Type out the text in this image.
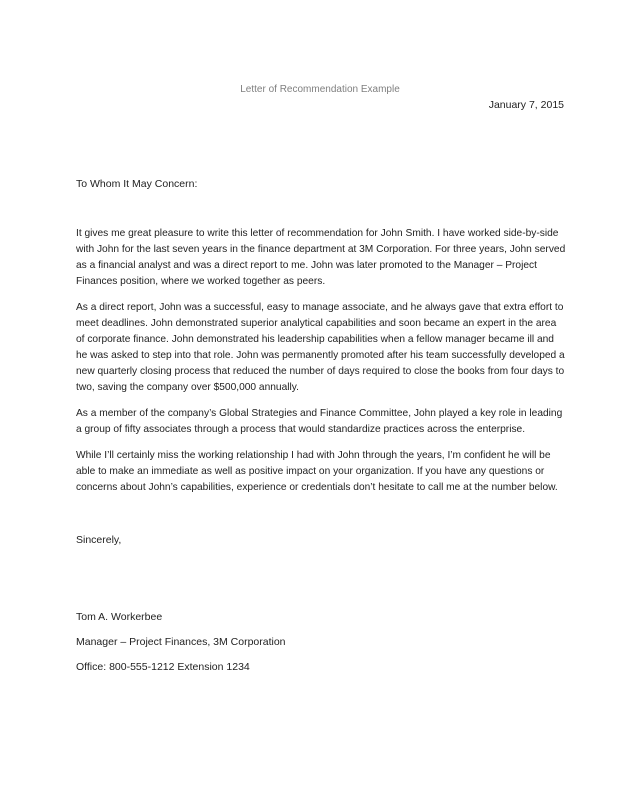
Letter of Recommendation Example
January 7, 2015
To Whom It May Concern:

It gives me great pleasure to write this letter of recommendation for John Smith. I have worked side-by-side with John for the last seven years in the finance department at 3M Corporation. For three years, John served as a financial analyst and was a direct report to me. John was later promoted to the Manager – Project Finances position, where we worked together as peers.

As a direct report, John was a successful, easy to manage associate, and he always gave that extra effort to meet deadlines. John demonstrated superior analytical capabilities and soon became an expert in the area of corporate finance. John demonstrated his leadership capabilities when a fellow manager became ill and he was asked to step into that role. John was permanently promoted after his team successfully developed a new quarterly closing process that reduced the number of days required to close the books from four days to two, saving the company over $500,000 annually.

As a member of the company’s Global Strategies and Finance Committee, John played a key role in leading a group of fifty associates through a process that would standardize practices across the enterprise.

While I’ll certainly miss the working relationship I had with John through the years, I’m confident he will be able to make an immediate as well as positive impact on your organization. If you have any questions or concerns about John’s capabilities, experience or credentials don’t hesitate to call me at the number below.

Sincerely,
Tom A. Workerbee
Manager – Project Finances, 3M Corporation
Office: 800-555-1212 Extension 1234
